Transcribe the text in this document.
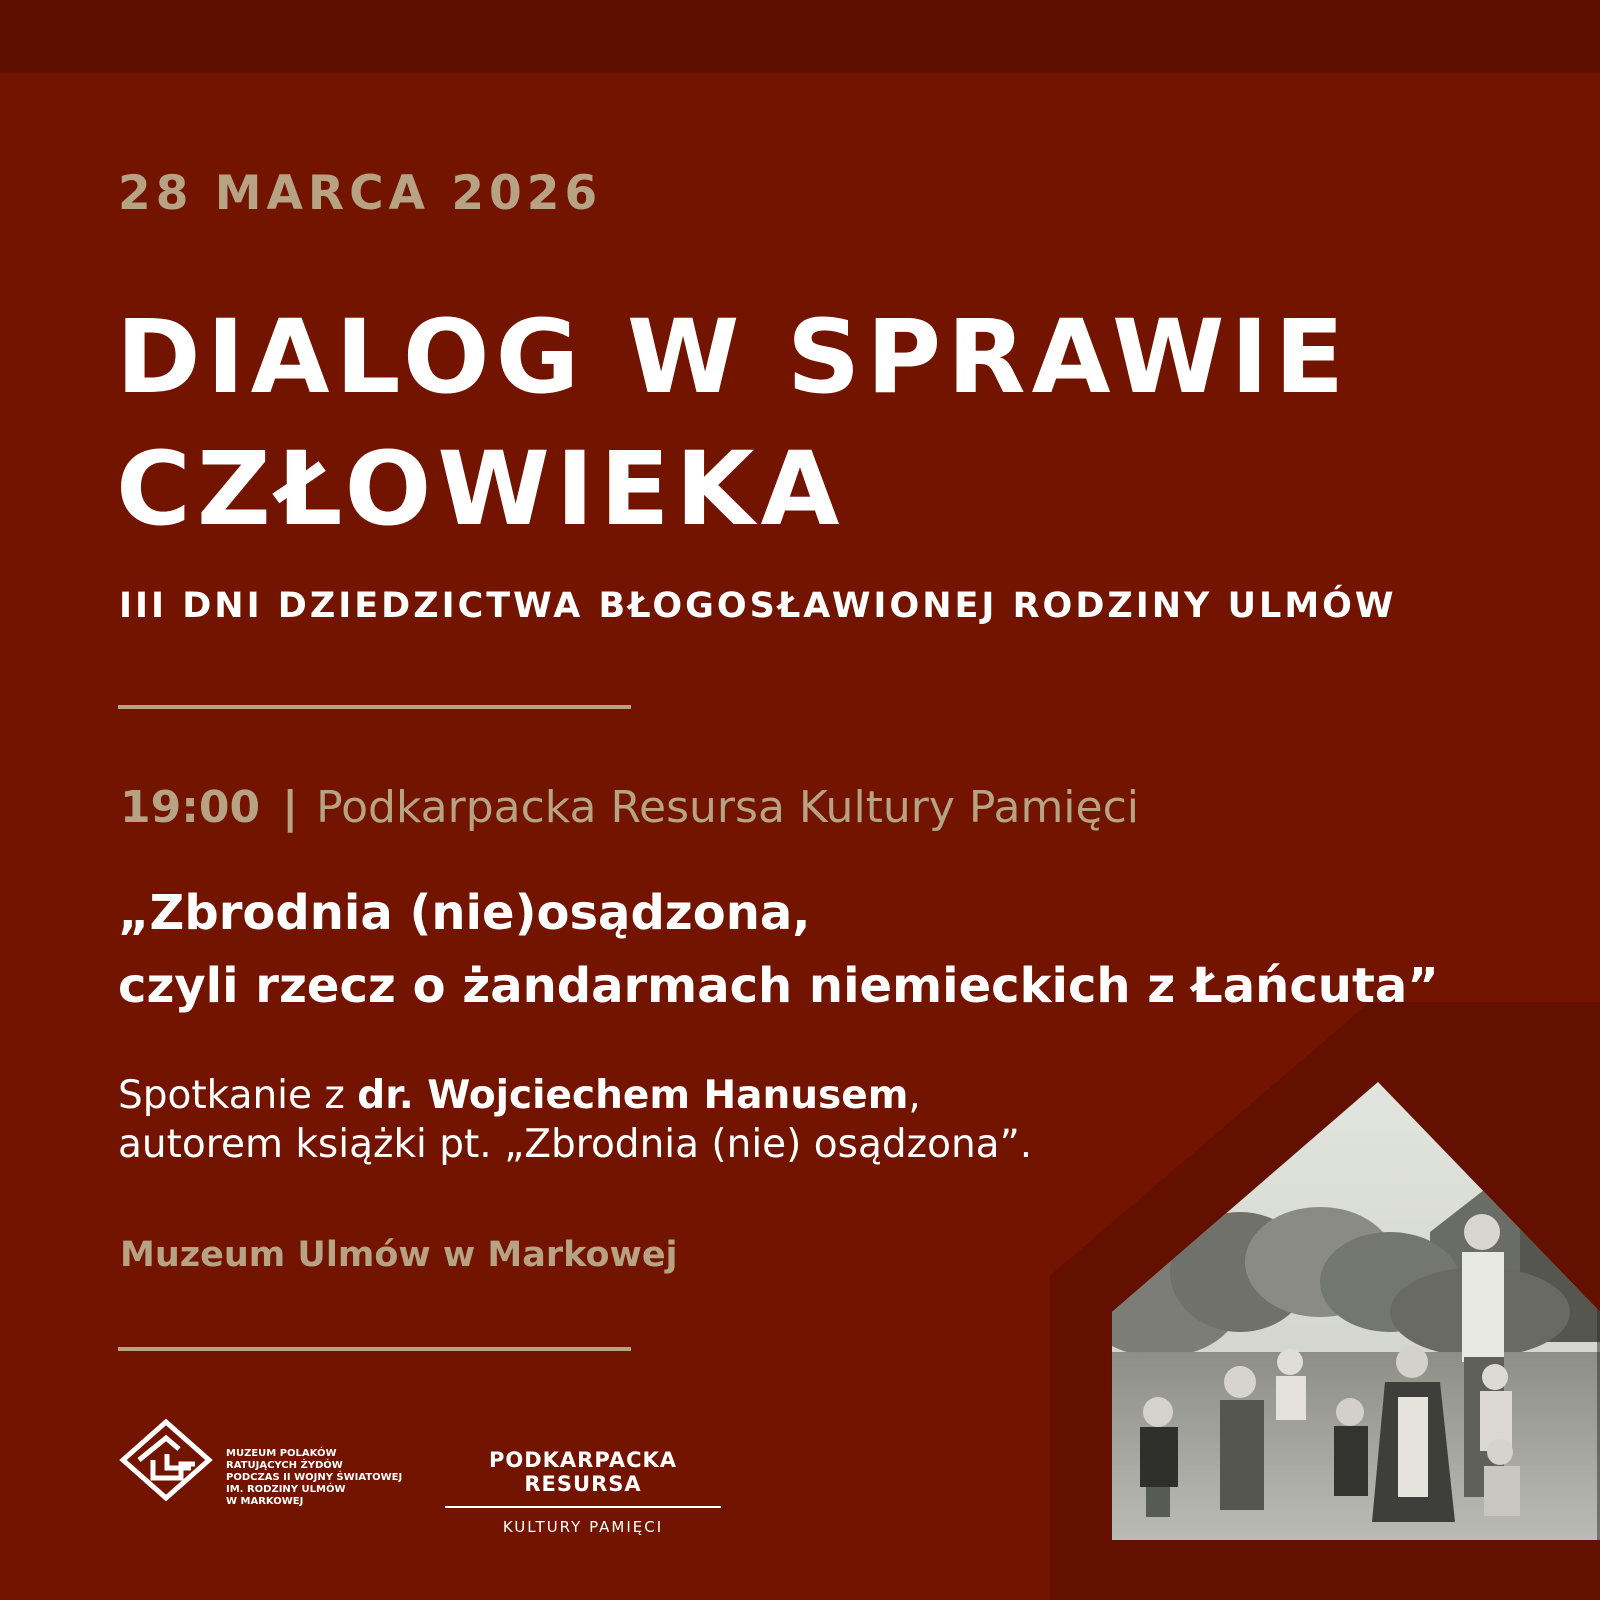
28 MARCA 2026

DIALOG W SPRAWIE
CZŁOWIEKA

III DNI DZIEDZICTWA BŁOGOSŁAWIONEJ RODZINY ULMÓW

19:00 | Podkarpacka Resursa Kultury Pamięci

„Zbrodnia (nie)osądzona,
czyli rzecz o żandarmach niemieckich z Łańcuta”
Spotkanie z dr. Wojciechem Hanusem,
autorem książki pt. „Zbrodnia (nie) osądzona”.

Muzeum Ulmów w Markowej

MUZEUM POLAKÓW
RATUJĄCYCH ŻYDÓW
PODCZAS II WOJNY ŚWIATOWEJ
IM. RODZINY ULMÓW
W MARKOWEJ
PODKARPACKA RESURSA
KULTURY PAMIĘCI
